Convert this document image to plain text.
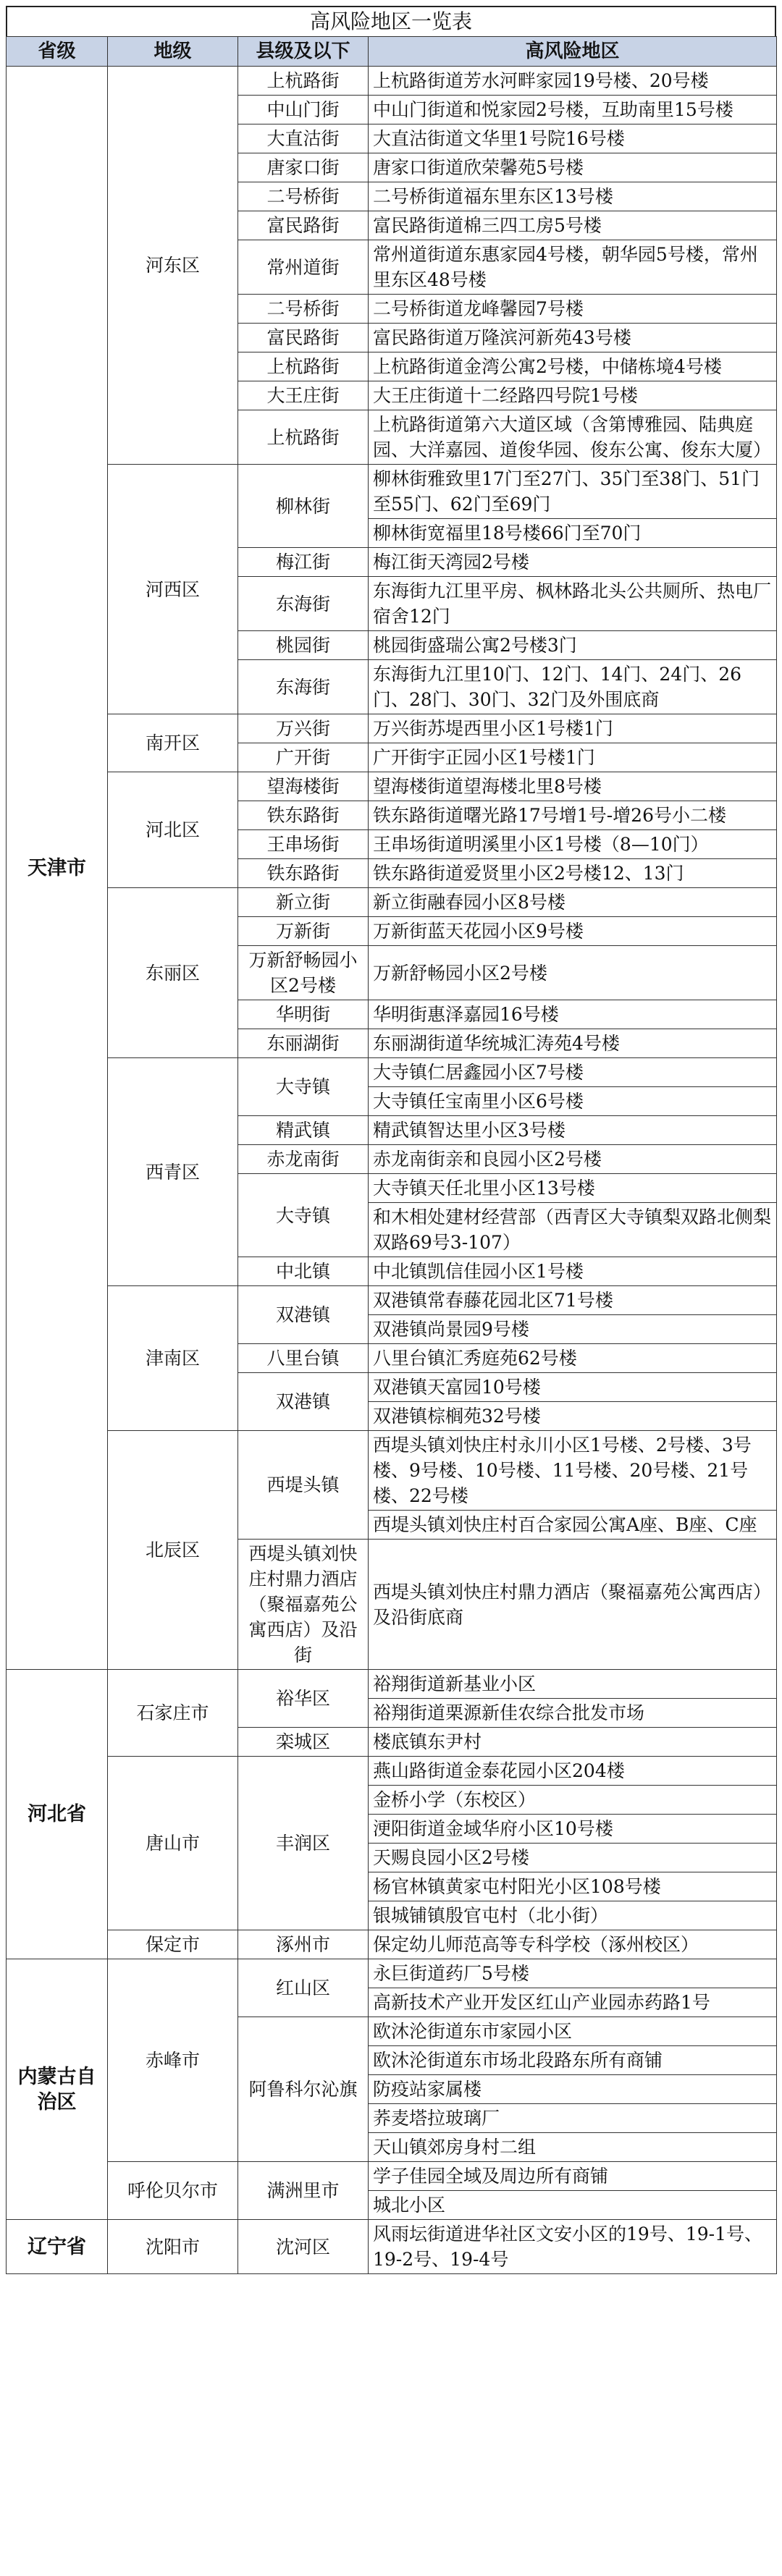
高风险地区一览表
省级	地级	县级及以下	高风险地区
天津市	河东区	上杭路街	上杭路街道芳水河畔家园19号楼、20号楼
		中山门街	中山门街道和悦家园2号楼，互助南里15号楼
		大直沽街	大直沽街道文华里1号院16号楼
		唐家口街	唐家口街道欣荣馨苑5号楼
		二号桥街	二号桥街道福东里东区13号楼
		富民路街	富民路街道棉三四工房5号楼
		常州道街	常州道街道东惠家园4号楼，朝华园5号楼，常州里东区48号楼
		二号桥街	二号桥街道龙峰馨园7号楼
		富民路街	富民路街道万隆滨河新苑43号楼
		上杭路街	上杭路街道金湾公寓2号楼，中储栋境4号楼
		大王庄街	大王庄街道十二经路四号院1号楼
		上杭路街	上杭路街道第六大道区域（含第博雅园、陆典庭园、大洋嘉园、道俊华园、俊东公寓、俊东大厦）
	河西区	柳林街	柳林街雅致里17门至27门、35门至38门、51门至55门、62门至69门
			柳林街宽福里18号楼66门至70门
		梅江街	梅江街天湾园2号楼
		东海街	东海街九江里平房、枫林路北头公共厕所、热电厂宿舍12门
		桃园街	桃园街盛瑞公寓2号楼3门
		东海街	东海街九江里10门、12门、14门、24门、26门、28门、30门、32门及外围底商
	南开区	万兴街	万兴街苏堤西里小区1号楼1门
		广开街	广开街宇正园小区1号楼1门
	河北区	望海楼街	望海楼街道望海楼北里8号楼
		铁东路街	铁东路街道曙光路17号增1号-增26号小二楼
		王串场街	王串场街道明溪里小区1号楼（8—10门）
		铁东路街	铁东路街道爱贤里小区2号楼12、13门
	东丽区	新立街	新立街融春园小区8号楼
		万新街	万新街蓝天花园小区9号楼
		万新舒畅园小区2号楼	万新舒畅园小区2号楼
		华明街	华明街惠泽嘉园16号楼
		东丽湖街	东丽湖街道华统城汇涛苑4号楼
	西青区	大寺镇	大寺镇仁居鑫园小区7号楼
			大寺镇任宝南里小区6号楼
		精武镇	精武镇智达里小区3号楼
		赤龙南街	赤龙南街亲和良园小区2号楼
		大寺镇	大寺镇天任北里小区13号楼
			和木相处建材经营部（西青区大寺镇梨双路北侧梨双路69号3-107）
		中北镇	中北镇凯信佳园小区1号楼
	津南区	双港镇	双港镇常春藤花园北区71号楼
			双港镇尚景园9号楼
		八里台镇	八里台镇汇秀庭苑62号楼
		双港镇	双港镇天富园10号楼
			双港镇棕榈苑32号楼
	北辰区	西堤头镇	西堤头镇刘快庄村永川小区1号楼、2号楼、3号楼、9号楼、10号楼、11号楼、20号楼、21号楼、22号楼
			西堤头镇刘快庄村百合家园公寓A座、B座、C座
		西堤头镇刘快庄村鼎力酒店（聚福嘉苑公寓西店）及沿街	西堤头镇刘快庄村鼎力酒店（聚福嘉苑公寓西店）及沿街底商
河北省	石家庄市	裕华区	裕翔街道新基业小区
			裕翔街道栗源新佳农综合批发市场
		栾城区	楼底镇东尹村
	唐山市	丰润区	燕山路街道金泰花园小区204楼
			金桥小学（东校区）
			浭阳街道金域华府小区10号楼
			天赐良园小区2号楼
			杨官林镇黄家屯村阳光小区108号楼
			银城铺镇殷官屯村（北小街）
	保定市	涿州市	保定幼儿师范高等专科学校（涿州校区）
内蒙古自治区	赤峰市	红山区	永巨街道药厂5号楼
			高新技术产业开发区红山产业园赤药路1号
		阿鲁科尔沁旗	欧沐沦街道东市家园小区
			欧沐沦街道东市场北段路东所有商铺
			防疫站家属楼
			荞麦塔拉玻璃厂
			天山镇郊房身村二组
	呼伦贝尔市	满洲里市	学子佳园全域及周边所有商铺
			城北小区
辽宁省	沈阳市	沈河区	风雨坛街道进华社区文安小区的19号、19-1号、19-2号、19-4号
